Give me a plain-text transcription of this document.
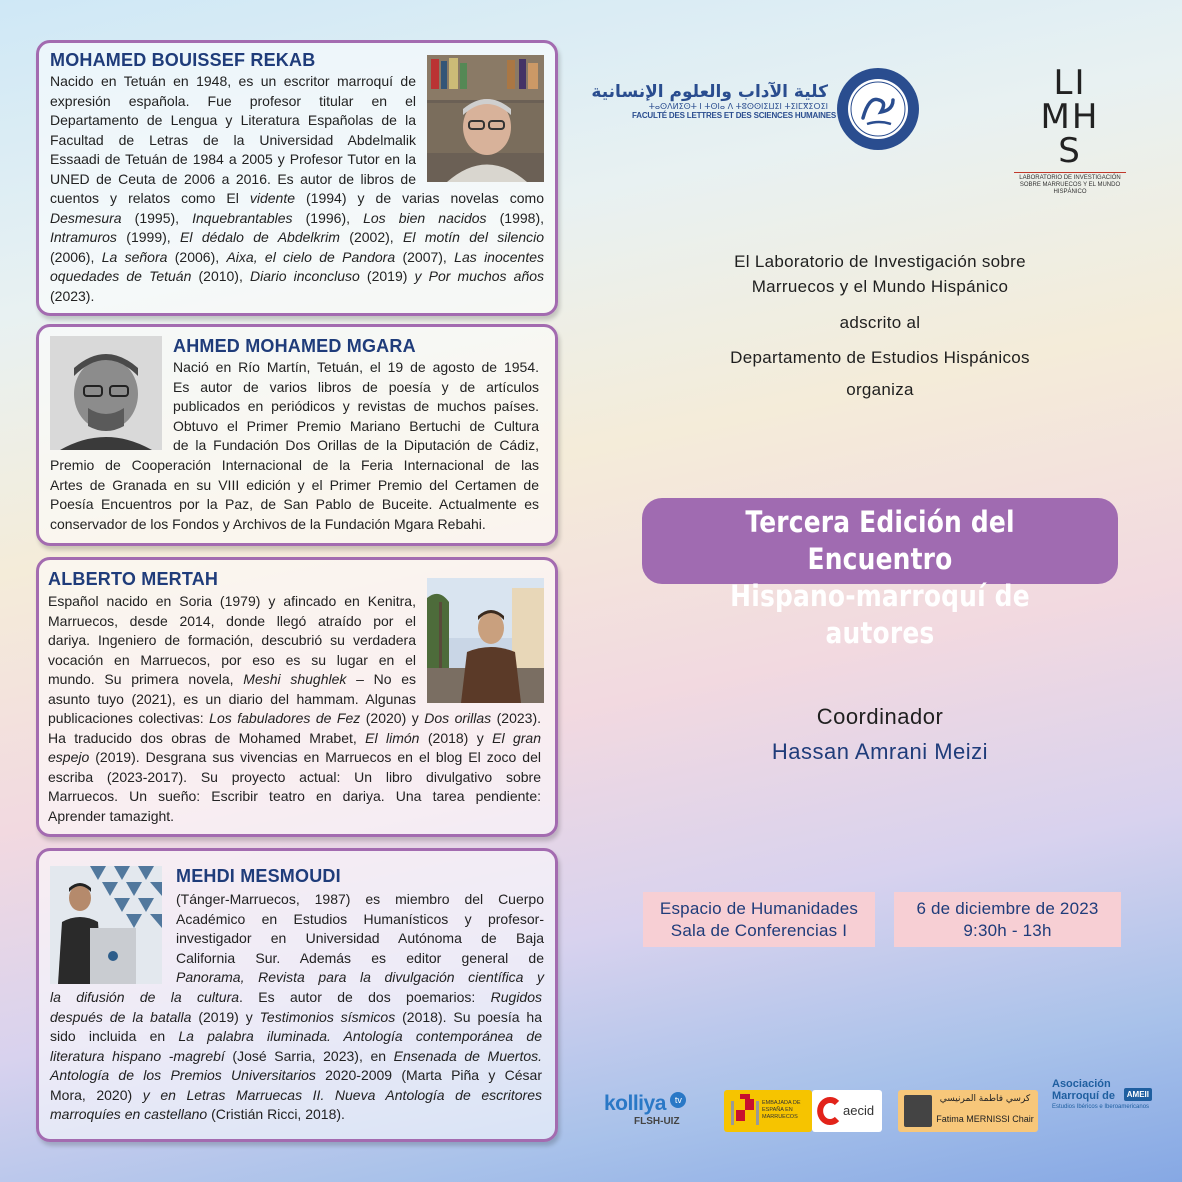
MOHAMED BOUISSEF REKAB
Nacido en Tetuán en 1948, es un escritor marroquí de
expresión española. Fue profesor titular en el
Departamento de Lengua y Literatura Españolas de la
Facultad de Letras de la Universidad Abdelmalik
Essaadi de Tetuán de 1984 a 2005 y Profesor Tutor en la
UNED de Ceuta de 2006 a 2016. Es autor de libros de
cuentos y relatos como El vidente (1994) y de varias novelas como
Desmesura (1995), Inquebrantables (1996), Los bien nacidos (1998),
Intramuros (1999), El dédalo de Abdelkrim (2002), El motín del silencio
(2006), La señora (2006), Aixa, el cielo de Pandora (2007), Las inocentes
oquedades de Tetuán (2010), Diario inconcluso (2019) y Por muchos años
(2023).
AHMED MOHAMED MGARA
Nació en Río Martín, Tetuán, el 19 de agosto de 1954.
Es autor de varios libros de poesía y de artículos
publicados en periódicos y revistas de muchos países.
Obtuvo el Primer Premio Mariano Bertuchi de Cultura
de la Fundación Dos Orillas de la Diputación de Cádiz,
Premio de Cooperación Internacional de la Feria Internacional de las
Artes de Granada en su VIII edición y el Primer Premio del Certamen de
Poesía Encuentros por la Paz, de San Pablo de Buceite. Actualmente es
conservador de los Fondos y Archivos de la Fundación Mgara Rebahi.
ALBERTO MERTAH
Español nacido en Soria (1979) y afincado en Kenitra,
Marruecos, desde 2014, donde llegó atraído por el
dariya. Ingeniero de formación, descubrió su verdadera
vocación en Marruecos, por eso es su lugar en el
mundo. Su primera novela, Meshi shughlek – No es
asunto tuyo (2021), es un diario del hammam. Algunas
publicaciones colectivas: Los fabuladores de Fez (2020) y Dos orillas (2023).
Ha traducido dos obras de Mohamed Mrabet, El limón (2018) y El gran
espejo (2019). Desgrana sus vivencias en Marruecos en el blog El zoco del
escriba (2023-2017). Su proyecto actual: Un libro divulgativo sobre
Marruecos. Un sueño: Escribir teatro en dariya. Una tarea pendiente:
Aprender tamazight.
MEHDI MESMOUDI
(Tánger-Marruecos, 1987) es miembro del Cuerpo
Académico en Estudios Humanísticos y profesor-
investigador en Universidad Autónoma de Baja
California Sur. Además es editor general de
Panorama, Revista para la divulgación científica y
la difusión de la cultura. Es autor de dos poemarios: Rugidos
después de la batalla (2019) y Testimonios sísmicos (2018). Su poesía ha
sido incluida en La palabra iluminada. Antología contemporánea de
literatura hispano -magrebí (José Sarria, 2023), en Ensenada de Muertos.
Antología de los Premios Universitarios 2020-2009 (Marta Piña y César
Mora, 2020) y en Letras Marruecas II. Nueva Antología de escritores
marroquíes en castellano (Cristián Ricci, 2018).
كلية الآداب والعلوم الإنسانية
ⵜⴰⵙⴷⵍⵉⵙⵜ ⵏ ⵜⵙⵏⴰ ⴷ ⵜⵓⵙⵙⵏⵉⵡⵉⵏ ⵜⵉⵏⵎⴳⵉⵔⵉⵏ
FACULTÉ DES LETTRES ET DES SCIENCES HUMAINES
LIMHS
LABORATORIO DE INVESTIGACIÓN SOBRE MARRUECOS Y EL MUNDO HISPÁNICO
El Laboratorio de Investigación sobre
Marruecos y el Mundo Hispánico
adscrito al
Departamento de Estudios Hispánicos
organiza
Tercera Edición del Encuentro
Hispano-marroquí de autores
Coordinador
Hassan Amrani Meizi
Espacio de Humanidades
Sala de Conferencias I
6 de diciembre de 2023
9:30h - 13h
kolliya tv
FLSH-UIZ
EMBAJADA DE ESPAÑA EN MARRUECOS	aecid
كرسي فاطمة المرنيسي
Fatima MERNISSI Chair
Asociación Marroquí de	AMEII
Estudios Ibéricos e Iberoamericanos
